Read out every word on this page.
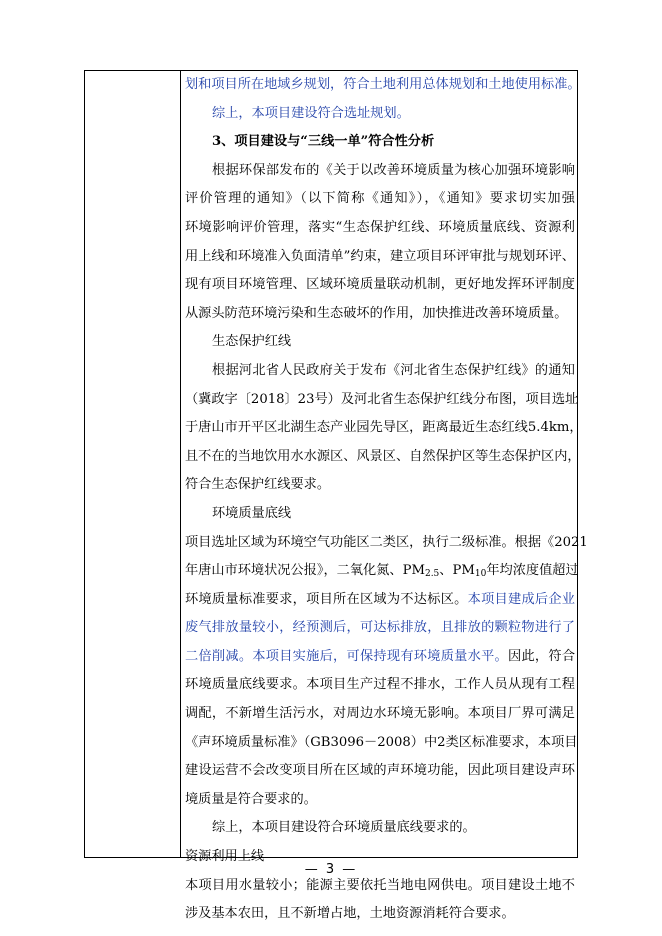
划和项目所在地域乡规划，符合土地利用总体规划和土地使用标准。
综上，本项目建设符合选址规划。
3、项目建设与“三线一单”符合性分析
根据环保部发布的《关于以改善环境质量为核心加强环境影响
评价管理的通知》（以下简称《通知》），《通知》要求切实加强
环境影响评价管理，落实“生态保护红线、环境质量底线、资源利
用上线和环境准入负面清单”约束，建立项目环评审批与规划环评、
现有项目环境管理、区域环境质量联动机制，更好地发挥环评制度
从源头防范环境污染和生态破坏的作用，加快推进改善环境质量。
生态保护红线
根据河北省人民政府关于发布《河北省生态保护红线》的通知
（冀政字〔2018〕23号）及河北省生态保护红线分布图，项目选址
于唐山市开平区北湖生态产业园先导区，距离最近生态红线5.4km，
且不在的当地饮用水水源区、风景区、自然保护区等生态保护区内，
符合生态保护红线要求。
环境质量底线
项目选址区域为环境空气功能区二类区，执行二级标准。根据《2021
年唐山市环境状况公报》，二氧化氮、$PM_{2.5}$、$PM_{10}$年均浓度值超过
环境质量标准要求，项目所在区域为不达标区。本项目建成后企业
废气排放量较小，经预测后，可达标排放，且排放的颗粒物进行了
二倍削减。本项目实施后，可保持现有环境质量水平。因此，符合
环境质量底线要求。本项目生产过程不排水，工作人员从现有工程
调配，不新增生活污水，对周边水环境无影响。本项目厂界可满足
《声环境质量标准》（GB3096－2008）中2类区标准要求，本项目
建设运营不会改变项目所在区域的声环境功能，因此项目建设声环
境质量是符合要求的。
综上，本项目建设符合环境质量底线要求的。
资源利用上线
本项目用水量较小；能源主要依托当地电网供电。项目建设土地不
涉及基本农田，且不新增占地，土地资源消耗符合要求。
— 3 —
